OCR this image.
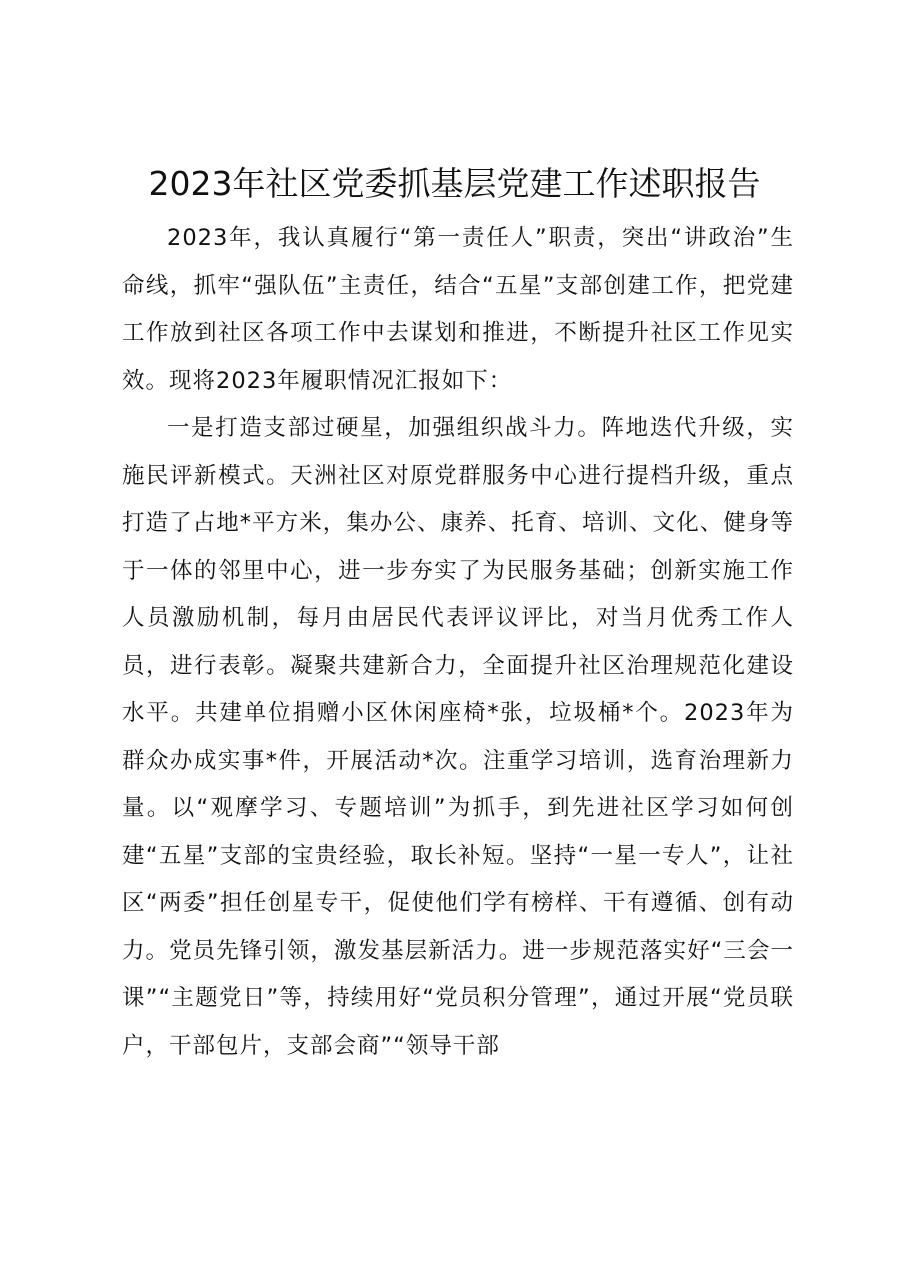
2023年社区党委抓基层党建工作述职报告

2023年，我认真履行“第一责任人”职责，突出“讲政治”生命线，抓牢“强队伍”主责任，结合“五星”支部创建工作，把党建工作放到社区各项工作中去谋划和推进，不断提升社区工作见实效。现将2023年履职情况汇报如下：

一是打造支部过硬星，加强组织战斗力。阵地迭代升级，实施民评新模式。天洲社区对原党群服务中心进行提档升级，重点打造了占地*平方米，集办公、康养、托育、培训、文化、健身等于一体的邻里中心，进一步夯实了为民服务基础；创新实施工作人员激励机制，每月由居民代表评议评比，对当月优秀工作人员，进行表彰。凝聚共建新合力，全面提升社区治理规范化建设水平。共建单位捐赠小区休闲座椅*张，垃圾桶*个。2023年为群众办成实事*件，开展活动*次。注重学习培训，选育治理新力量。以“观摩学习、专题培训”为抓手，到先进社区学习如何创建“五星”支部的宝贵经验，取长补短。坚持“一星一专人”，让社区“两委”担任创星专干，促使他们学有榜样、干有遵循、创有动力。党员先锋引领，激发基层新活力。进一步规范落实好“三会一课”“主题党日”等，持续用好“党员积分管理”，通过开展“党员联户，干部包片，支部会商”“领导干部
